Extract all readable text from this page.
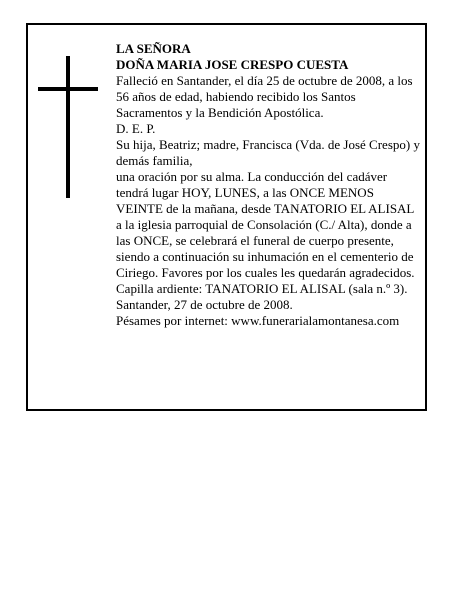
LA SEÑORA

DOÑA MARIA JOSE CRESPO CUESTA

Falleció en Santander, el día 25 de octubre de 2008, a los 56 años de edad, habiendo recibido los Santos Sacramentos y la Bendición Apostólica.

D. E. P.

Su hija, Beatriz; madre, Francisca (Vda. de José Crespo) y demás familia,

una oración por su alma. La conducción del cadáver tendrá lugar HOY, LUNES, a las ONCE MENOS VEINTE de la mañana, desde TANATORIO EL ALISAL a la iglesia parroquial de Consolación (C./ Alta), donde a las ONCE, se celebrará el funeral de cuerpo presente, siendo a continuación su inhumación en el cementerio de Ciriego. Favores por los cuales les quedarán agradecidos. Capilla ardiente: TANATORIO EL ALISAL (sala n.º 3).

Santander, 27 de octubre de 2008.

Pésames por internet: www.funerarialamontanesa.com
